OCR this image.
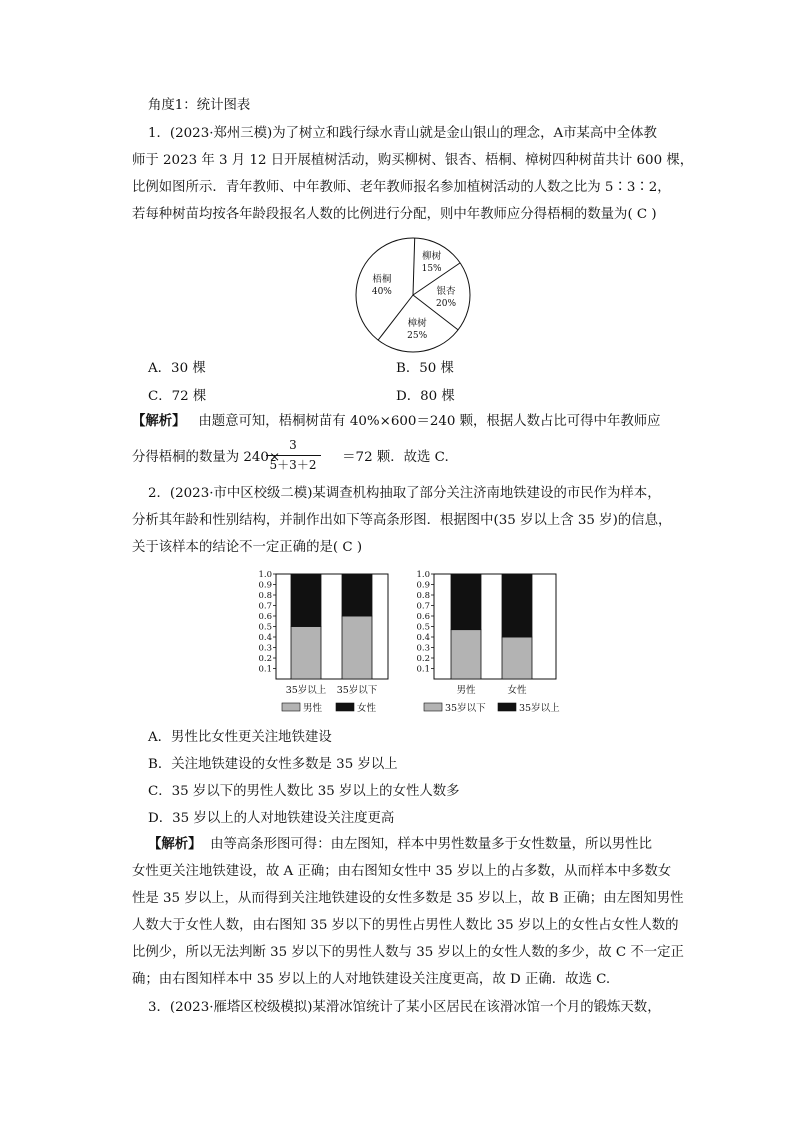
角度1：统计图表
1．(2023·郑州三模)为了树立和践行绿水青山就是金山银山的理念，A市某高中全体教
师于 2023 年 3 月 12 日开展植树活动，购买柳树、银杏、梧桐、樟树四种树苗共计 600 棵，
比例如图所示．青年教师、中年教师、老年教师报名参加植树活动的人数之比为 5∶3∶2，
若每种树苗均按各年龄段报名人数的比例进行分配，则中年教师应分得梧桐的数量为( C )
柳树
15%
银杏
20%
樟树
25%
梧桐
40%
A．30 棵	B．50 棵
C．72 棵	D．80 棵
【解析】 由题意可知，梧桐树苗有 40%×600＝240 颗，根据人数占比可得中年教师应
分得梧桐的数量为 240×	＝72 颗．故选 C.
3
5＋3＋2
2．(2023·市中区校级二模)某调查机构抽取了部分关注济南地铁建设的市民作为样本，
分析其年龄和性别结构，并制作出如下等高条形图．根据图中(35 岁以上含 35 岁)的信息，
关于该样本的结论不一定正确的是( C )
0.1
0.2
0.3
0.4
0.5
0.6
0.7
0.8
0.9
1.0
35岁以上 35岁以下
男性	女性
0.1
0.2
0.3
0.4
0.5
0.6
0.7
0.8
0.9
1.0
男性	女性
35岁以下	35岁以上
A．男性比女性更关注地铁建设
B．关注地铁建设的女性多数是 35 岁以上
C．35 岁以下的男性人数比 35 岁以上的女性人数多
D．35 岁以上的人对地铁建设关注度更高
【解析】 由等高条形图可得：由左图知，样本中男性数量多于女性数量，所以男性比
女性更关注地铁建设，故 A 正确；由右图知女性中 35 岁以上的占多数，从而样本中多数女
性是 35 岁以上，从而得到关注地铁建设的女性多数是 35 岁以上，故 B 正确；由左图知男性
人数大于女性人数，由右图知 35 岁以下的男性占男性人数比 35 岁以上的女性占女性人数的
比例少，所以无法判断 35 岁以下的男性人数与 35 岁以上的女性人数的多少，故 C 不一定正
确；由右图知样本中 35 岁以上的人对地铁建设关注度更高，故 D 正确．故选 C.
3．(2023·雁塔区校级模拟)某滑冰馆统计了某小区居民在该滑冰馆一个月的锻炼天数，
